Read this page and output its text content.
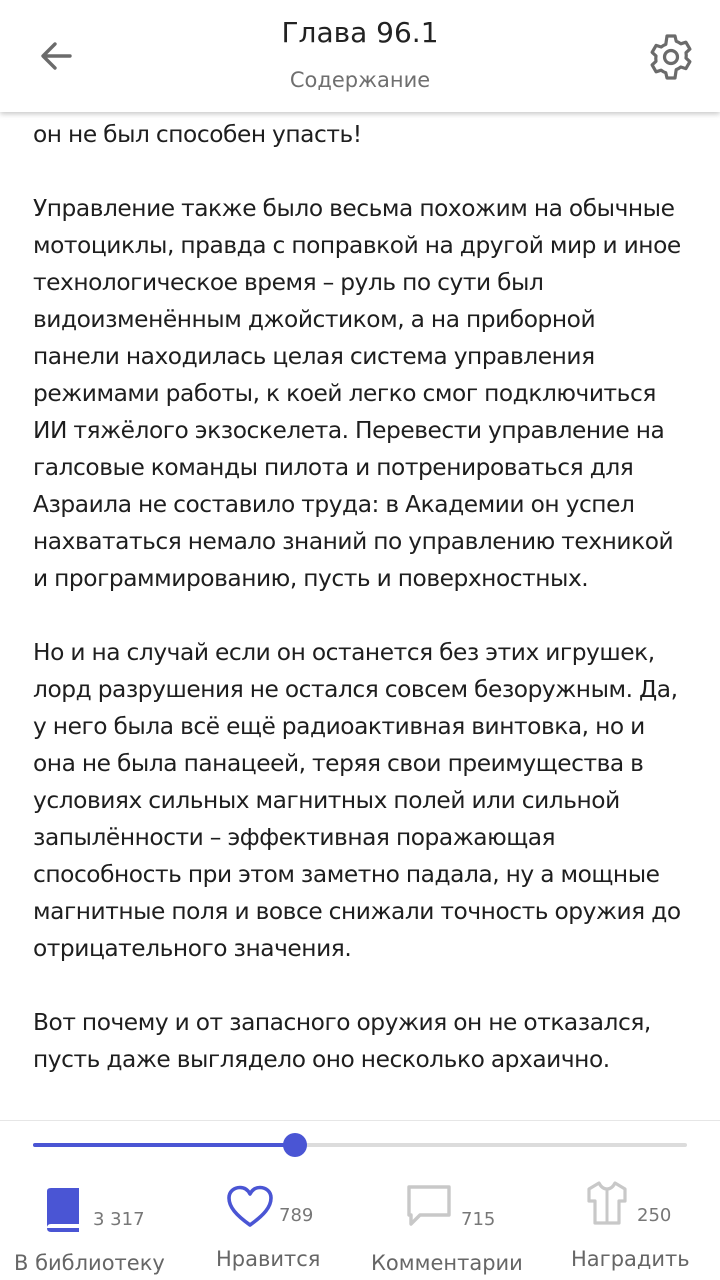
Глава 96.1
Содержание

он не был способен упасть!

Управление также было весьма похожим на обычные мотоциклы, правда с поправкой на другой мир и иное технологическое время – руль по сути был видоизменённым джойстиком, а на приборной панели находилась целая система управления режимами работы, к коей легко смог подключиться ИИ тяжёлого экзоскелета. Перевести управление на галсовые команды пилота и потренироваться для Азраила не составило труда: в Академии он успел нахвататься немало знаний по управлению техникой и программированию, пусть и поверхностных.

Но и на случай если он останется без этих игрушек, лорд разрушения не остался совсем безоружным. Да, у него была всё ещё радиоактивная винтовка, но и она не была панацеей, теряя свои преимущества в условиях сильных магнитных полей или сильной запылённости – эффективная поражающая способность при этом заметно падала, ну а мощные магнитные поля и вовсе снижали точность оружия до отрицательного значения.

Вот почему и от запасного оружия он не отказался, пусть даже выглядело оно несколько архаично.

3 317
В библиотеку
789
Нравится
715
Комментарии
250
Наградить
